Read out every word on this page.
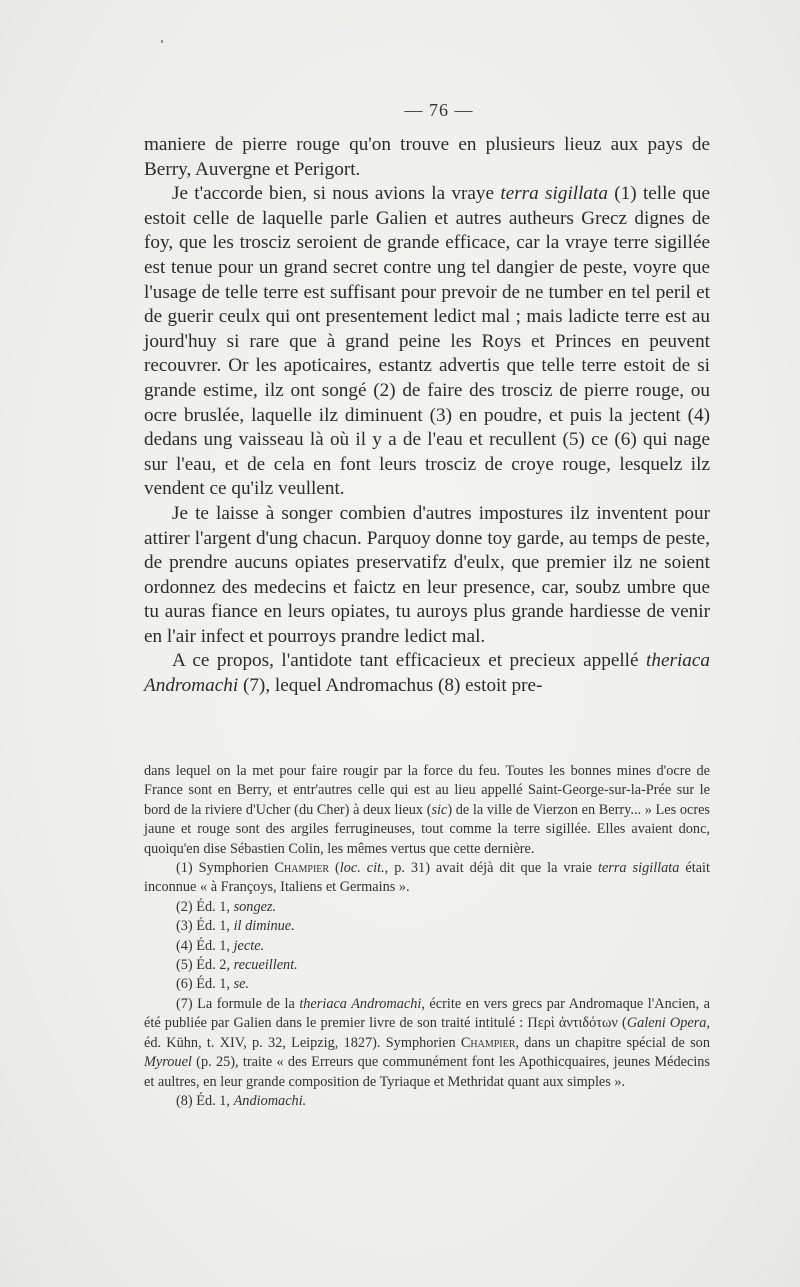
— 76 —

maniere de pierre rouge qu'on trouve en plusieurs lieuz aux pays de Berry, Auvergne et Perigort.

Je t'accorde bien, si nous avions la vraye terra sigillata (1) telle que estoit celle de laquelle parle Galien et autres autheurs Grecz dignes de foy, que les trosciz seroient de grande efficace, car la vraye terre sigillée est tenue pour un grand secret contre ung tel dangier de peste, voyre que l'usage de telle terre est suffisant pour prevoir de ne tumber en tel peril et de guerir ceulx qui ont presentement ledict mal ; mais ladicte terre est au jourd'huy si rare que à grand peine les Roys et Princes en peuvent recouvrer. Or les apoticaires, estantz advertis que telle terre estoit de si grande estime, ilz ont songé (2) de faire des trosciz de pierre rouge, ou ocre bruslée, laquelle ilz diminuent (3) en poudre, et puis la jectent (4) dedans ung vaisseau là où il y a de l'eau et recullent (5) ce (6) qui nage sur l'eau, et de cela en font leurs trosciz de croye rouge, lesquelz ilz vendent ce qu'ilz veullent.

Je te laisse à songer combien d'autres impostures ilz inventent pour attirer l'argent d'ung chacun. Parquoy donne toy garde, au temps de peste, de prendre aucuns opiates preservatifz d'eulx, que premier ilz ne soient ordonnez des medecins et faictz en leur presence, car, soubz umbre que tu auras fiance en leurs opiates, tu auroys plus grande hardiesse de venir en l'air infect et pourroys prandre ledict mal.

A ce propos, l'antidote tant efficacieux et precieux appellé theriaca Andromachi (7), lequel Andromachus (8) estoit pre-

dans lequel on la met pour faire rougir par la force du feu. Toutes les bonnes mines d'ocre de France sont en Berry, et entr'autres celle qui est au lieu appellé Saint-George-sur-la-Prée sur le bord de la riviere d'Ucher (du Cher) à deux lieux (sic) de la ville de Vierzon en Berry... » Les ocres jaune et rouge sont des argiles ferrugineuses, tout comme la terre sigillée. Elles avaient donc, quoiqu'en dise Sébastien Colin, les mêmes vertus que cette dernière.

(1) Symphorien Champier (loc. cit., p. 31) avait déjà dit que la vraie terra sigillata était inconnue « à Françoys, Italiens et Germains ».

(2) Éd. 1, songez.

(3) Éd. 1, il diminue.

(4) Éd. 1, jecte.

(5) Éd. 2, recueillent.

(6) Éd. 1, se.

(7) La formule de la theriaca Andromachi, écrite en vers grecs par Andromaque l'Ancien, a été publiée par Galien dans le premier livre de son traité intitulé : Περὶ ἀντιδότων (Galeni Opera, éd. Kühn, t. XIV, p. 32, Leipzig, 1827). Symphorien Champier, dans un chapitre spécial de son Myrouel (p. 25), traite « des Erreurs que communément font les Apothicquaires, jeunes Médecins et aultres, en leur grande composition de Tyriaque et Methridat quant aux simples ».

(8) Éd. 1, Andiomachi.
